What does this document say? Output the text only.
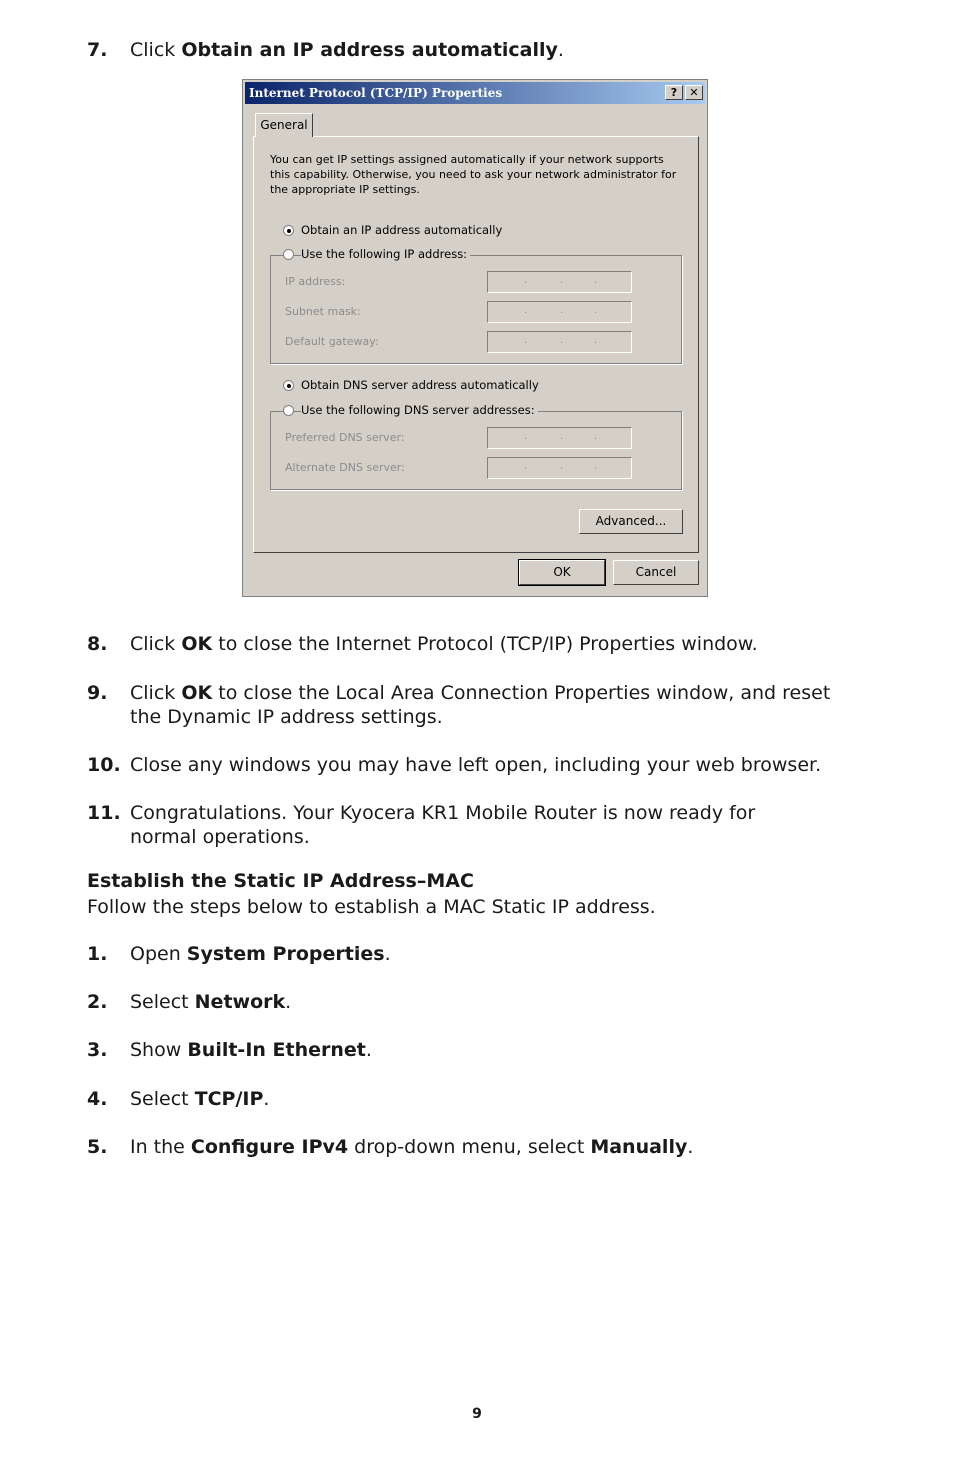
7. Click Obtain an IP address automatically.
Internet Protocol (TCP/IP) Properties	?	✕
General
You can get IP settings assigned automatically if your network supports this capability. Otherwise, you need to ask your network administrator for the appropriate IP settings.
Obtain an IP address automatically
Use the following IP address:
IP address:	.	.	.
Subnet mask:	.	.	.
Default gateway:	.	.	.
Obtain DNS server address automatically
Use the following DNS server addresses:
Preferred DNS server:	.	.	.
Alternate DNS server:	.	.	.
Advanced...
OK	Cancel
8. Click OK to close the Internet Protocol (TCP/IP) Properties window.
9. Click OK to close the Local Area Connection Properties window, and reset the Dynamic IP address settings.
10. Close any windows you may have left open, including your web browser.
11. Congratulations. Your Kyocera KR1 Mobile Router is now ready for normal operations.
Establish the Static IP Address–MAC
Follow the steps below to establish a MAC Static IP address.
1. Open System Properties.
2. Select Network.
3. Show Built-In Ethernet.
4. Select TCP/IP.
5. In the Configure IPv4 drop-down menu, select Manually.
9
